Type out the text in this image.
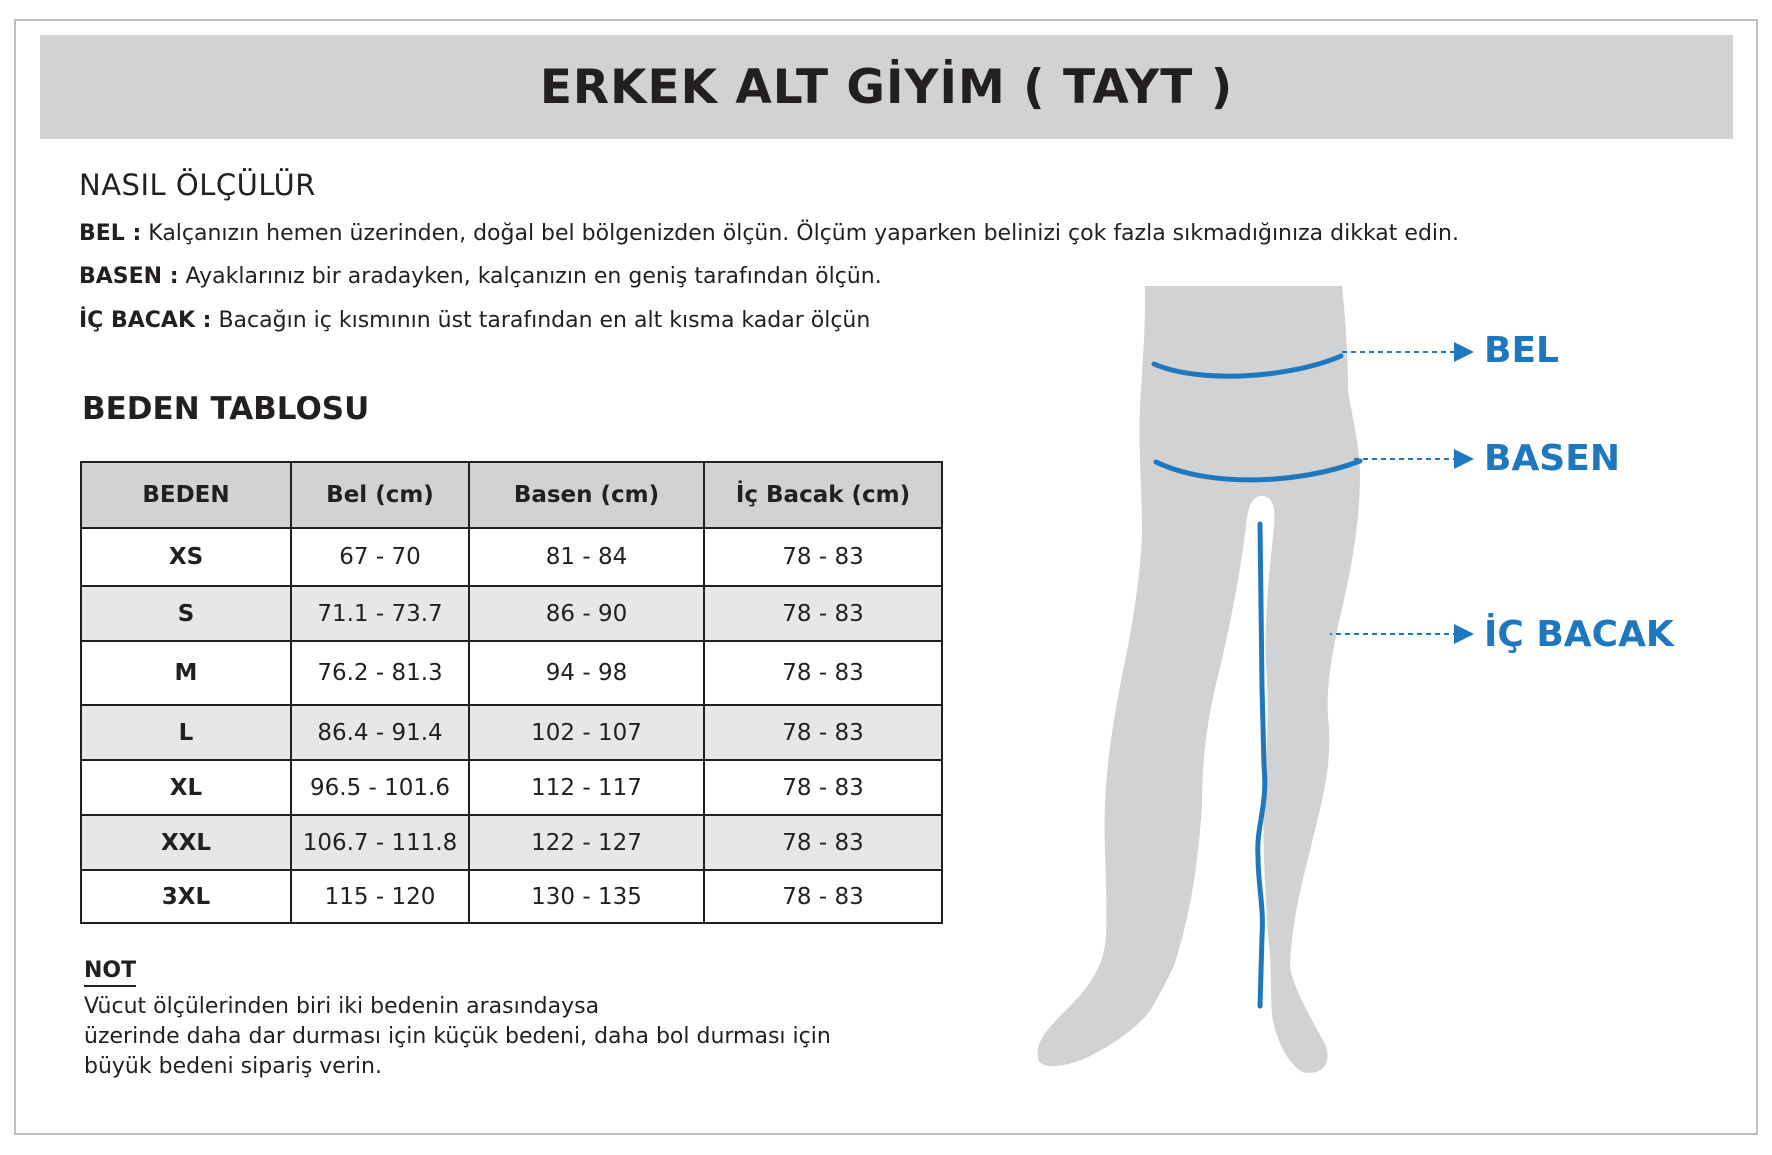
ERKEK ALT GİYİM ( TAYT )
NASIL ÖLÇÜLÜR
BEL : Kalçanızın hemen üzerinden, doğal bel bölgenizden ölçün. Ölçüm yaparken belinizi çok fazla sıkmadığınıza dikkat edin.
BASEN : Ayaklarınız bir aradayken, kalçanızın en geniş tarafından ölçün.
İÇ BACAK : Bacağın iç kısmının üst tarafından en alt kısma kadar ölçün
BEDEN TABLOSU
BEDEN	Bel (cm)	Basen (cm)	İç Bacak (cm)
XS	67 - 70	81 - 84	78 - 83
S	71.1 - 73.7	86 - 90	78 - 83
M	76.2 - 81.3	94 - 98	78 - 83
L	86.4 - 91.4	102 - 107	78 - 83
XL	96.5 - 101.6	112 - 117	78 - 83
XXL	106.7 - 111.8	122 - 127	78 - 83
3XL	115 - 120	130 - 135	78 - 83
NOT
Vücut ölçülerinden biri iki bedenin arasındaysa
üzerinde daha dar durması için küçük bedeni, daha bol durması için
büyük bedeni sipariş verin.
BEL
BASEN
İÇ BACAK
